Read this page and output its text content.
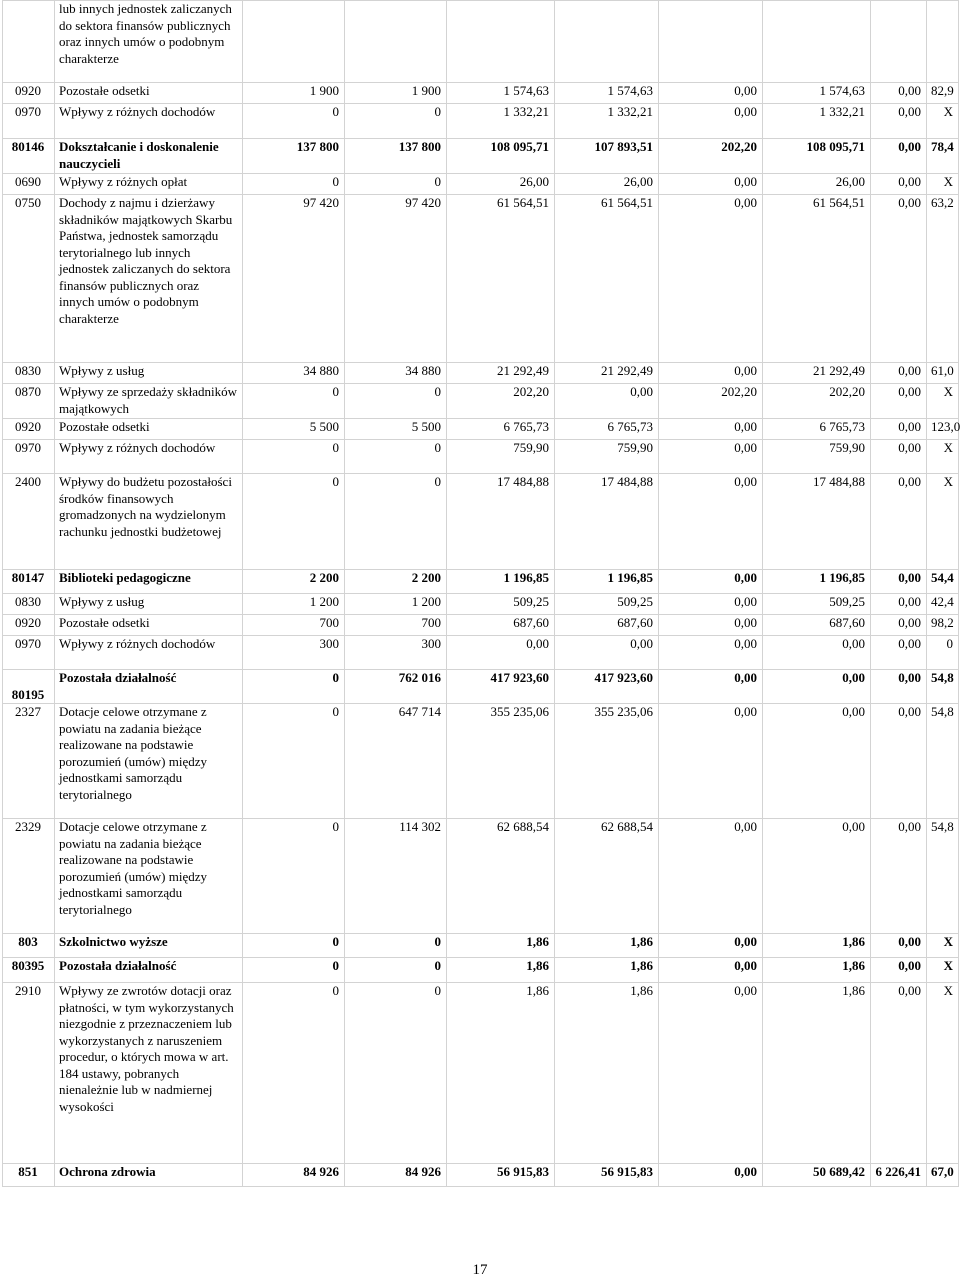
	lub innych jednostek zaliczanych do sektora finansów publicznych oraz innych umów o podobnym charakterze								
0920	Pozostałe odsetki	1 900	1 900	1 574,63	1 574,63	0,00	1 574,63	0,00	82,9
0970	Wpływy z różnych dochodów	0	0	1 332,21	1 332,21	0,00	1 332,21	0,00	X
80146	Dokształcanie i doskonalenie nauczycieli	137 800	137 800	108 095,71	107 893,51	202,20	108 095,71	0,00	78,4
0690	Wpływy z różnych opłat	0	0	26,00	26,00	0,00	26,00	0,00	X
0750	Dochody z najmu i dzierżawy składników majątkowych Skarbu Państwa, jednostek samorządu terytorialnego lub innych jednostek zaliczanych do sektora finansów publicznych oraz innych umów o podobnym charakterze	97 420	97 420	61 564,51	61 564,51	0,00	61 564,51	0,00	63,2
0830	Wpływy z usług	34 880	34 880	21 292,49	21 292,49	0,00	21 292,49	0,00	61,0
0870	Wpływy ze sprzedaży składników majątkowych	0	0	202,20	0,00	202,20	202,20	0,00	X
0920	Pozostałe odsetki	5 500	5 500	6 765,73	6 765,73	0,00	6 765,73	0,00	123,0
0970	Wpływy z różnych dochodów	0	0	759,90	759,90	0,00	759,90	0,00	X
2400	Wpływy do budżetu pozostałości środków finansowych gromadzonych na wydzielonym rachunku jednostki budżetowej	0	0	17 484,88	17 484,88	0,00	17 484,88	0,00	X
80147	Biblioteki pedagogiczne	2 200	2 200	1 196,85	1 196,85	0,00	1 196,85	0,00	54,4
0830	Wpływy z usług	1 200	1 200	509,25	509,25	0,00	509,25	0,00	42,4
0920	Pozostałe odsetki	700	700	687,60	687,60	0,00	687,60	0,00	98,2
0970	Wpływy z różnych dochodów	300	300	0,00	0,00	0,00	0,00	0,00	0
80195	Pozostała działalność	0	762 016	417 923,60	417 923,60	0,00	0,00	0,00	54,8
2327	Dotacje celowe otrzymane z powiatu na zadania bieżące realizowane na podstawie porozumień (umów) między jednostkami samorządu terytorialnego	0	647 714	355 235,06	355 235,06	0,00	0,00	0,00	54,8
2329	Dotacje celowe otrzymane z powiatu na zadania bieżące realizowane na podstawie porozumień (umów) między jednostkami samorządu terytorialnego	0	114 302	62 688,54	62 688,54	0,00	0,00	0,00	54,8
803	Szkolnictwo wyższe	0	0	1,86	1,86	0,00	1,86	0,00	X
80395	Pozostała działalność	0	0	1,86	1,86	0,00	1,86	0,00	X
2910	Wpływy ze zwrotów dotacji oraz płatności, w tym wykorzystanych niezgodnie z przeznaczeniem lub wykorzystanych z naruszeniem procedur, o których mowa w art. 184 ustawy, pobranych nienależnie lub w nadmiernej wysokości	0	0	1,86	1,86	0,00	1,86	0,00	X
851	Ochrona zdrowia	84 926	84 926	56 915,83	56 915,83	0,00	50 689,42	6 226,41	67,0
17
